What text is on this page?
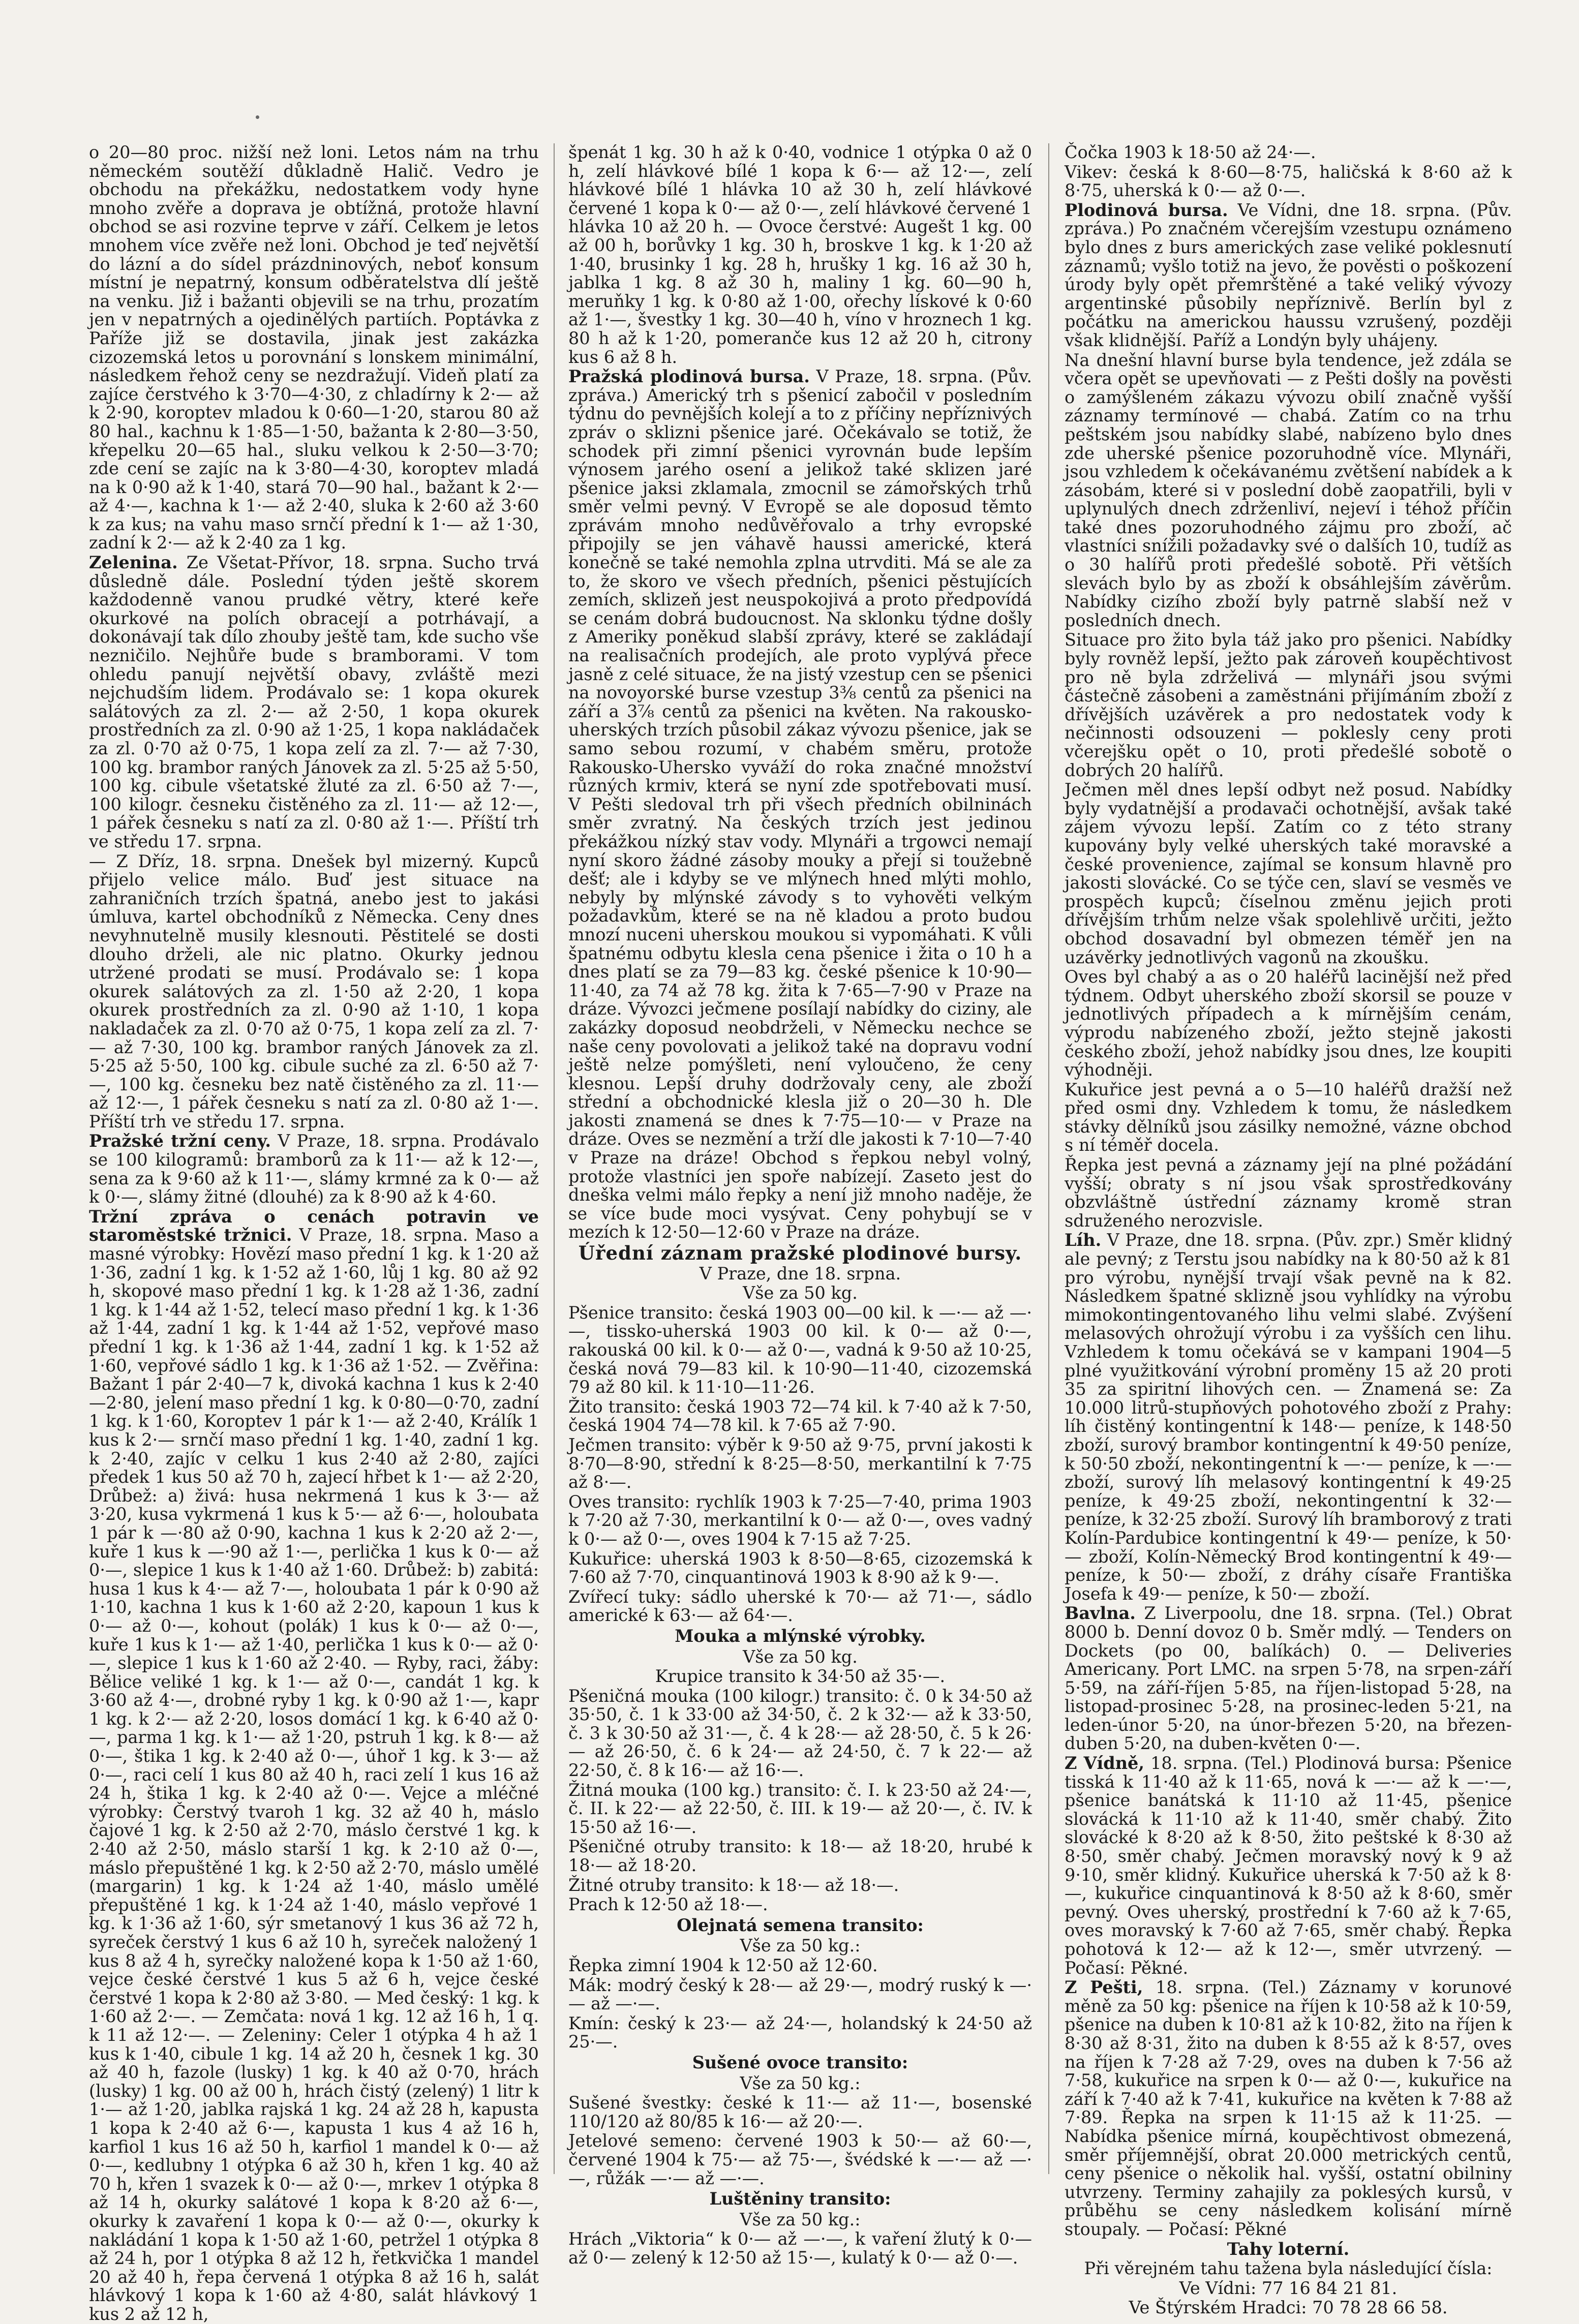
o 20—80 proc. nižší než loni. Letos nám na trhu německém soutěží důkladně Halič. Vedro je obchodu na překážku, nedostatkem vody hyne mnoho zvěře a doprava je obtížná, protože hlavní obchod se asi rozvine teprve v září. Celkem je letos mnohem více zvěře než loni. Obchod je teď největší do lázní a do sídel prázdninových, neboť konsum místní je nepatrný, konsum odběratelstva dlí ještě na venku. Již i bažanti objevili se na trhu, prozatím jen v nepatrných a ojedinělých partiích. Poptávka z Paříže již se dostavila, jinak jest zakázka cizozemská letos u porovnání s lonskem minimální, následkem řehož ceny se nezdražují. Videň platí za zajíce čerstvého k 3·70—4·30, z chladírny k 2·— až k 2·90, koroptev mladou k 0·60—1·20, starou 80 až 80 hal., kachnu k 1·85—1·50, bažanta k 2·80—3·50, křepelku 20—65 hal., sluku velkou k 2·50—3·70; zde cení se zajíc na k 3·80—4·30, koroptev mladá na k 0·90 až k 1·40, stará 70—90 hal., bažant k 2·— až 4·—, kachna k 1·— až 2·40, sluka k 2·60 až 3·60 k za kus; na vahu maso srnčí přední k 1·— až 1·30, zadní k 2·— až k 2·40 za 1 kg.

Zelenina. Ze Všetat-Přívor, 18. srpna. Sucho trvá důsledně dále. Poslední týden ještě skorem každodenně vanou prudké větry, které keře okurkové na polích obracejí a potrhávají, a dokonávají tak dílo zhouby ještě tam, kde sucho vše nezničilo. Nejhůře bude s bramborami. V tom ohledu panují největší obavy, zvláště mezi nejchudším lidem. Prodávalo se: 1 kopa okurek salátových za zl. 2·— až 2·50, 1 kopa okurek prostředních za zl. 0·90 až 1·25, 1 kopa nakládaček za zl. 0·70 až 0·75, 1 kopa zelí za zl. 7·— až 7·30, 100 kg. brambor raných Jánovek za zl. 5·25 až 5·50, 100 kg. cibule všetatské žluté za zl. 6·50 až 7·—, 100 kilogr. česneku čistěného za zl. 11·— až 12·—, 1 pářek česneku s natí za zl. 0·80 až 1·—. Příští trh ve středu 17. srpna.

— Z Dříz, 18. srpna. Dnešek byl mizerný. Kupců přijelo velice málo. Buď jest situace na zahraničních trzích špatná, anebo jest to jakási úmluva, kartel obchodníků z Německa. Ceny dnes nevyhnutelně musily klesnouti. Pěstitelé se dosti dlouho drželi, ale nic platno. Okurky jednou utržené prodati se musí. Prodávalo se: 1 kopa okurek salátových za zl. 1·50 až 2·20, 1 kopa okurek prostředních za zl. 0·90 až 1·10, 1 kopa nakladaček za zl. 0·70 až 0·75, 1 kopa zelí za zl. 7·— až 7·30, 100 kg. brambor raných Jánovek za zl. 5·25 až 5·50, 100 kg. cibule suché za zl. 6·50 až 7·—, 100 kg. česneku bez natě čistěného za zl. 11·— až 12·—, 1 pářek česneku s natí za zl. 0·80 až 1·—. Příští trh ve středu 17. srpna.

Pražské tržní ceny. V Praze, 18. srpna. Prodávalo se 100 kilogramů: bramborů za k 11·— až k 12·—, sena za k 9·60 až k 11·—, slámy krmné za k 0·— až k 0·—, slámy žitné (dlouhé) za k 8·90 až k 4·60.

Tržní zpráva o cenách potravin ve staroměstské tržnici. V Praze, 18. srpna. Maso a masné výrobky: Hovězí maso přední 1 kg. k 1·20 až 1·36, zadní 1 kg. k 1·52 až 1·60, lůj 1 kg. 80 až 92 h, skopové maso přední 1 kg. k 1·28 až 1·36, zadní 1 kg. k 1·44 až 1·52, telecí maso přední 1 kg. k 1·36 až 1·44, zadní 1 kg. k 1·44 až 1·52, vepřové maso přední 1 kg. k 1·36 až 1·44, zadní 1 kg. k 1·52 až 1·60, vepřové sádlo 1 kg. k 1·36 až 1·52. — Zvěřina: Bažant 1 pár 2·40—7 k, divoká kachna 1 kus k 2·40—2·80, jelení maso přední 1 kg. k 0·80—0·70, zadní 1 kg. k 1·60, Koroptev 1 pár k 1·— až 2·40, Králík 1 kus k 2·— srnčí maso přední 1 kg. 1·40, zadní 1 kg. k 2·40, zajíc v celku 1 kus 2·40 až 2·80, zajíci předek 1 kus 50 až 70 h, zajecí hřbet k 1·— až 2·20, Drůbež: a) živá: husa nekrmená 1 kus k 3·— až 3·20, kusa vykrmená 1 kus k 5·— až 6·—, holoubata 1 pár k —·80 až 0·90, kachna 1 kus k 2·20 až 2·—, kuře 1 kus k —·90 až 1·—, perlička 1 kus k 0·— až 0·—, slepice 1 kus k 1·40 až 1·60. Drůbež: b) zabitá: husa 1 kus k 4·— až 7·—, holoubata 1 pár k 0·90 až 1·10, kachna 1 kus k 1·60 až 2·20, kapoun 1 kus k 0·— až 0·—, kohout (polák) 1 kus k 0·— až 0·—, kuře 1 kus k 1·— až 1·40, perlička 1 kus k 0·— až 0·—, slepice 1 kus k 1·60 až 2·40. — Ryby, raci, žáby: Bělice veliké 1 kg. k 1·— až 0·—, candát 1 kg. k 3·60 až 4·—, drobné ryby 1 kg. k 0·90 až 1·—, kapr 1 kg. k 2·— až 2·20, losos domácí 1 kg. k 6·40 až 0·—, parma 1 kg. k 1·— až 1·20, pstruh 1 kg. k 8·— až 0·—, štika 1 kg. k 2·40 až 0·—, úhoř 1 kg. k 3·— až 0·—, raci celí 1 kus 80 až 40 h, raci zelí 1 kus 16 až 24 h, štika 1 kg. k 2·40 až 0·—. Vejce a mléčné výrobky: Čerstvý tvaroh 1 kg. 32 až 40 h, máslo čajové 1 kg. k 2·50 až 2·70, máslo čerstvé 1 kg. k 2·40 až 2·50, máslo starší 1 kg. k 2·10 až 0·—, máslo přepuštěné 1 kg. k 2·50 až 2·70, máslo umělé (margarin) 1 kg. k 1·24 až 1·40, máslo umělé přepuštěné 1 kg. k 1·24 až 1·40, máslo vepřové 1 kg. k 1·36 až 1·60, sýr smetanový 1 kus 36 až 72 h, syreček čerstvý 1 kus 6 až 10 h, syreček naložený 1 kus 8 až 4 h, syrečky naložené kopa k 1·50 až 1·60, vejce české čerstvé 1 kus 5 až 6 h, vejce české čerstvé 1 kopa k 2·80 až 3·80. — Med český: 1 kg. k 1·60 až 2·—. — Zemčata: nová 1 kg. 12 až 16 h, 1 q. k 11 až 12·—. — Zeleniny: Celer 1 otýpka 4 h až 1 kus k 1·40, cibule 1 kg. 14 až 20 h, česnek 1 kg. 30 až 40 h, fazole (lusky) 1 kg. k 40 až 0·70, hrách (lusky) 1 kg. 00 až 00 h, hrách čistý (zelený) 1 litr k 1·— až 1·20, jablka rajská 1 kg. 24 až 28 h, kapusta 1 kopa k 2·40 až 6·—, kapusta 1 kus 4 až 16 h, karfiol 1 kus 16 až 50 h, karfiol 1 mandel k 0·— až 0·—, kedlubny 1 otýpka 6 až 30 h, křen 1 kg. 40 až 70 h, křen 1 svazek k 0·— až 0·—, mrkev 1 otýpka 8 až 14 h, okurky salátové 1 kopa k 8·20 až 6·—, okurky k zavaření 1 kopa k 0·— až 0·—, okurky k nakládání 1 kopa k 1·50 až 1·60, petržel 1 otýpka 8 až 24 h, por 1 otýpka 8 až 12 h, řetkvička 1 mandel 20 až 40 h, řepa červená 1 otýpka 8 až 16 h, salát hlávkový 1 kopa k 1·60 až 4·80, salát hlávkový 1 kus 2 až 12 h,

špenát 1 kg. 30 h až k 0·40, vodnice 1 otýpka 0 až 0 h, zelí hlávkové bílé 1 kopa k 6·— až 12·—, zelí hlávkové bílé 1 hlávka 10 až 30 h, zelí hlávkové červené 1 kopa k 0·— až 0·—, zelí hlávkové červené 1 hlávka 10 až 20 h. — Ovoce čerstvé: Augešt 1 kg. 00 až 00 h, borůvky 1 kg. 30 h, broskve 1 kg. k 1·20 až 1·40, brusinky 1 kg. 28 h, hrušky 1 kg. 16 až 30 h, jablka 1 kg. 8 až 30 h, maliny 1 kg. 60—90 h, meruňky 1 kg. k 0·80 až 1·00, ořechy lískové k 0·60 až 1·—, švestky 1 kg. 30—40 h, víno v hroznech 1 kg. 80 h až k 1·20, pomeranče kus 12 až 20 h, citrony kus 6 až 8 h.

Pražská plodinová bursa. V Praze, 18. srpna. (Pův. zpráva.) Americký trh s pšenicí zabočil v posledním týdnu do pevnějších kolejí a to z příčiny nepříznivých zpráv o sklizni pšenice jaré. Očekávalo se totiž, že schodek při zimní pšenici vyrovnán bude lepším výnosem jarého osení a jelikož také sklizen jaré pšenice jaksi zklamala, zmocnil se zámořských trhů směr velmi pevný. V Evropě se ale doposud těmto zprávám mnoho nedůvěřovalo a trhy evropské připojily se jen váhavě haussi americké, která konečně se také nemohla zplna utrvditi. Má se ale za to, že skoro ve všech předních, pšenici pěstujících zemích, sklizeň jest neuspokojivá a proto předpovídá se cenám dobrá budoucnost. Na sklonku týdne došly z Ameriky poněkud slabší zprávy, které se zakládají na realisačních prodejích, ale proto vyplývá přece jasně z celé situace, že na jistý vzestup cen se pšenici na novoyorské burse vzestup 3⅜ centů za pšenici na září a 3⅞ centů za pšenici na květen. Na rakousko-uherských trzích působil zákaz vývozu pšenice, jak se samo sebou rozumí, v chabém směru, protože Rakousko-Uhersko vyváží do roka značné množství různých krmiv, která se nyní zde spotřebovati musí. V Pešti sledoval trh při všech předních obilninách směr zvratný. Na českých trzích jest jedinou překážkou nízký stav vody. Mlynáři a trgowci nemají nyní skoro žádné zásoby mouky a přejí si toužebně dešť; ale i kdyby se ve mlýnech hned mlýti mohlo, nebyly by mlýnské závody s to vyhověti velkým požadavkům, které se na ně kladou a proto budou mnozí nuceni uherskou moukou si vypomáhati. K vůli špatnému odbytu klesla cena pšenice i žita o 10 h a dnes platí se za 79—83 kg. české pšenice k 10·90—11·40, za 74 až 78 kg. žita k 7·65—7·90 v Praze na dráze. Vývozci ječmene posílají nabídky do ciziny, ale zakázky doposud neobdrželi, v Německu nechce se naše ceny povolovati a jelikož také na dopravu vodní ještě nelze pomýšleti, není vyloučeno, že ceny klesnou. Lepší druhy dodržovaly ceny, ale zboží střední a obchodnické klesla již o 20—30 h. Dle jakosti znamená se dnes k 7·75—10·— v Praze na dráze. Oves se nezmění a trží dle jakosti k 7·10—7·40 v Praze na dráze! Obchod s řepkou nebyl volný, protože vlastníci jen spoře nabízejí. Zaseto jest do dneška velmi málo řepky a není již mnoho naděje, že se více bude moci vysývat. Ceny pohybují se v mezích k 12·50—12·60 v Praze na dráze.

Úřední záznam pražské plodinové bursy.

V Praze, dne 18. srpna.

Vše za 50 kg.

Pšenice transito: česká 1903 00—00 kil. k —·— až —·—, tissko-uherská 1903 00 kil. k 0·— až 0·—, rakouská 00 kil. k 0·— až 0·—, vadná k 9·50 až 10·25, česká nová 79—83 kil. k 10·90—11·40, cizozemská 79 až 80 kil. k 11·10—11·26.

Žito transito: česká 1903 72—74 kil. k 7·40 až k 7·50, česká 1904 74—78 kil. k 7·65 až 7·90.

Ječmen transito: výběr k 9·50 až 9·75, první jakosti k 8·70—8·90, střední k 8·25—8·50, merkantilní k 7·75 až 8·—.

Oves transito: rychlík 1903 k 7·25—7·40, prima 1903 k 7·20 až 7·30, merkantilní k 0·— až 0·—, oves vadný k 0·— až 0·—, oves 1904 k 7·15 až 7·25.

Kukuřice: uherská 1903 k 8·50—8·65, cizozemská k 7·60 až 7·70, cinquantinová 1903 k 8·90 až k 9·—.

Zvířecí tuky: sádlo uherské k 70·— až 71·—, sádlo americké k 63·— až 64·—.

Mouka a mlýnské výrobky.

Vše za 50 kg.

Krupice transito k 34·50 až 35·—.

Pšeničná mouka (100 kilogr.) transito: č. 0 k 34·50 až 35·50, č. 1 k 33·00 až 34·50, č. 2 k 32·— až k 33·50, č. 3 k 30·50 až 31·—, č. 4 k 28·— až 28·50, č. 5 k 26·— až 26·50, č. 6 k 24·— až 24·50, č. 7 k 22·— až 22·50, č. 8 k 16·— až 16·—.

Žitná mouka (100 kg.) transito: č. I. k 23·50 až 24·—, č. II. k 22·— až 22·50, č. III. k 19·— až 20·—, č. IV. k 15·50 až 16·—.

Pšeničné otruby transito: k 18·— až 18·20, hrubé k 18·— až 18·20.

Žitné otruby transito: k 18·— až 18·—.

Prach k 12·50 až 18·—.

Olejnatá semena transito:

Vše za 50 kg.:

Řepka zimní 1904 k 12·50 až 12·60.

Mák: modrý český k 28·— až 29·—, modrý ruský k —·— až —·—.

Kmín: český k 23·— až 24·—, holandský k 24·50 až 25·—.

Sušené ovoce transito:

Vše za 50 kg.:

Sušené švestky: české k 11·— až 11·—, bosenské 110/120 až 80/85 k 16·— až 20·—.

Jetelové semeno: červené 1903 k 50·— až 60·—, červené 1904 k 75·— až 75·—, švédské k —·— až —·—, růžák —·— až —·—.

Luštěniny transito:

Vše za 50 kg.:

Hrách „Viktoria“ k 0·— až —·—, k vaření žlutý k 0·— až 0·— zelený k 12·50 až 15·—, kulatý k 0·— až 0·—.

Čočka 1903 k 18·50 až 24·—.

Vikev: česká k 8·60—8·75, haličská k 8·60 až k 8·75, uherská k 0·— až 0·—.

Plodinová bursa. Ve Vídni, dne 18. srpna. (Pův. zpráva.) Po značném včerejším vzestupu oznámeno bylo dnes z burs amerických zase veliké poklesnutí záznamů; vyšlo totiž na jevo, že pověsti o poškození úrody byly opět přemrštěné a také veliký vývozy argentinské působily nepříznivě. Berlín byl z počátku na americkou haussu vzrušený, později však klidnější. Paříž a Londýn byly uhájeny.

Na dnešní hlavní burse byla tendence, jež zdála se včera opět se upevňovati — z Pešti došly na pověsti o zamýšleném zákazu vývozu obilí značně vyšší záznamy termínové — chabá. Zatím co na trhu peštském jsou nabídky slabé, nabízeno bylo dnes zde uherské pšenice pozoruhodně více. Mlynáři, jsou vzhledem k očekávanému zvětšení nabídek a k zásobám, které si v poslední době zaopatřili, byli v uplynulých dnech zdrženliví, nejeví i téhož příčin také dnes pozoruhodného zájmu pro zboží, ač vlastníci snížili požadavky své o dalších 10, tudíž as o 30 halířů proti předešlé sobotě. Při větších slevách bylo by as zboží k obsáhlejším závěrům. Nabídky cizího zboží byly patrně slabší než v posledních dnech.

Situace pro žito byla táž jako pro pšenici. Nabídky byly rovněž lepší, ježto pak zároveň koupěchtivost pro ně byla zdrželivá — mlynáři jsou svými částečně zásobeni a zaměstnáni přijímáním zboží z dřívějších uzávěrek a pro nedostatek vody k nečinnosti odsouzeni — poklesly ceny proti včerejšku opět o 10, proti předešlé sobotě o dobrých 20 halířů.

Ječmen měl dnes lepší odbyt než posud. Nabídky byly vydatnější a prodavači ochotnější, avšak také zájem vývozu lepší. Zatím co z této strany kupovány byly velké uherských také moravské a české provenience, zajímal se konsum hlavně pro jakosti slovácké. Co se týče cen, slaví se vesměs ve prospěch kupců; číselnou změnu jejich proti dřívějším trhům nelze však spolehlivě určiti, ježto obchod dosavadní byl obmezen téměř jen na uzávěrky jednotlivých vagonů na zkoušku.

Oves byl chabý a as o 20 haléřů lacinější než před týdnem. Odbyt uherského zboží skorsil se pouze v jednotlivých případech a k mírnějším cenám, výprodu nabízeného zboží, ježto stejně jakosti českého zboží, jehož nabídky jsou dnes, lze koupiti výhodněji.

Kukuřice jest pevná a o 5—10 haléřů dražší než před osmi dny. Vzhledem k tomu, že následkem stávky dělníků jsou zásilky nemožné, vázne obchod s ní téměř docela.

Řepka jest pevná a záznamy její na plné požádání vyšší; obraty s ní jsou však sprostředkovány obzvláštně ústřední záznamy kromě stran sdruženého nerozvisle.

Líh. V Praze, dne 18. srpna. (Pův. zpr.) Směr klidný ale pevný; z Terstu jsou nabídky na k 80·50 až k 81 pro výrobu, nynější trvají však pevně na k 82. Následkem špatné sklizně jsou vyhlídky na výrobu mimokontingentovaného lihu velmi slabé. Zvýšení melasových ohrožují výrobu i za vyšších cen lihu. Vzhledem k tomu očekává se v kampani 1904—5 plné využitkování výrobní proměny 15 až 20 proti 35 za spiritní lihových cen. — Znamená se: Za 10.000 litrů-stupňových pohotového zboží z Prahy: líh čistěný kontingentní k 148·— peníze, k 148·50 zboží, surový brambor kontingentní k 49·50 peníze, k 50·50 zboží, nekontingentní k —·— peníze, k —·— zboží, surový líh melasový kontingentní k 49·25 peníze, k 49·25 zboží, nekontingentní k 32·— peníze, k 32·25 zboží. Surový líh bramborový z trati Kolín-Pardubice kontingentní k 49·— peníze, k 50·— zboží, Kolín-Německý Brod kontingentní k 49·— peníze, k 50·— zboží, z dráhy císaře Františka Josefa k 49·— peníze, k 50·— zboží.

Bavlna. Z Liverpoolu, dne 18. srpna. (Tel.) Obrat 8000 b. Denní dovoz 0 b. Směr mdlý. — Tenders on Dockets (po 00, balíkách) 0. — Deliveries Americany. Port LMC. na srpen 5·78, na srpen-září 5·59, na září-říjen 5·85, na říjen-listopad 5·28, na listopad-prosinec 5·28, na prosinec-leden 5·21, na leden-únor 5·20, na únor-březen 5·20, na březen-duben 5·20, na duben-květen 0·—.

Z Vídně, 18. srpna. (Tel.) Plodinová bursa: Pšenice tisská k 11·40 až k 11·65, nová k —·— až k —·—, pšenice banátská k 11·10 až 11·45, pšenice slovácká k 11·10 až k 11·40, směr chabý. Žito slovácké k 8·20 až k 8·50, žito peštské k 8·30 až 8·50, směr chabý. Ječmen moravský nový k 9 až 9·10, směr klidný. Kukuřice uherská k 7·50 až k 8·—, kukuřice cinquantinová k 8·50 až k 8·60, směr pevný. Oves uherský, prostřední k 7·60 až k 7·65, oves moravský k 7·60 až 7·65, směr chabý. Řepka pohotová k 12·— až k 12·—, směr utvrzený. — Počasí: Pěkné.

Z Pešti, 18. srpna. (Tel.) Záznamy v korunové měně za 50 kg: pšenice na říjen k 10·58 až k 10·59, pšenice na duben k 10·81 až k 10·82, žito na říjen k 8·30 až 8·31, žito na duben k 8·55 až k 8·57, oves na říjen k 7·28 až 7·29, oves na duben k 7·56 až 7·58, kukuřice na srpen k 0·— až 0·—, kukuřice na září k 7·40 až k 7·41, kukuřice na květen k 7·88 až 7·89. Řepka na srpen k 11·15 až k 11·25. — Nabídka pšenice mírná, koupěchtivost obmezená, směr příjemnější, obrat 20.000 metrických centů, ceny pšenice o několik hal. vyšší, ostatní obilniny utvrzeny. Terminy zahajily za poklesých kursů, v průběhu se ceny následkem kolisání mírně stoupaly. — Počasí: Pěkné

Tahy loterní.

Při věrejném tahu tažena byla následující čísla:

Ve Vídni: 77 16 84 21 81.

Ve Štýrském Hradci: 70 78 28 66 58.
